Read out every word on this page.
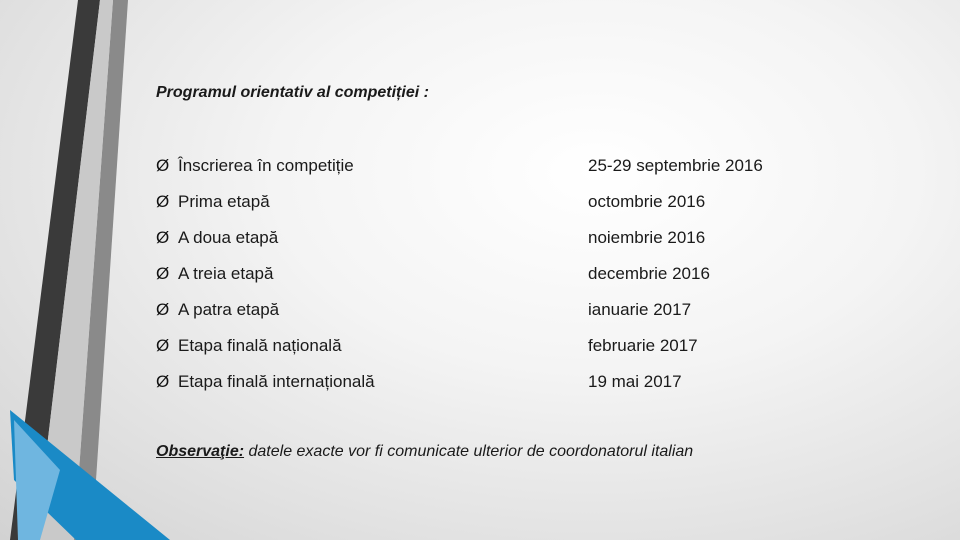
Programul orientativ al competiției :
Ø Înscrierea în competiție	25-29 septembrie 2016
Ø Prima etapă	octombrie 2016
Ø A doua etapă	noiembrie 2016
Ø A treia etapă	decembrie 2016
Ø A patra etapă	ianuarie 2017
Ø Etapa finală națională	februarie 2017
Ø Etapa finală internațională	19 mai 2017
Observaţie: datele exacte vor fi comunicate ulterior de coordonatorul italian
